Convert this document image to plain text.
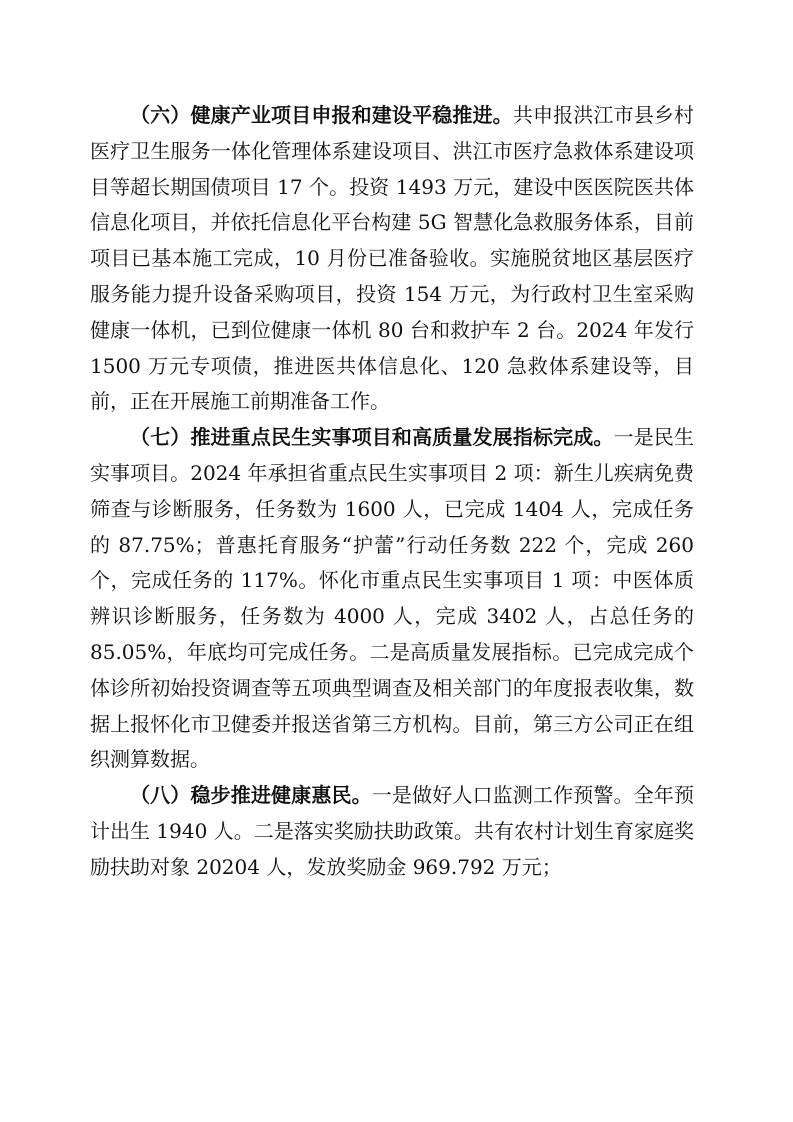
（六）健康产业项目申报和建设平稳推进。共申报洪江市县乡村医疗卫生服务一体化管理体系建设项目、洪江市医疗急救体系建设项目等超长期国债项目 17 个。投资 1493 万元，建设中医医院医共体信息化项目，并依托信息化平台构建 5G 智慧化急救服务体系，目前项目已基本施工完成，10 月份已准备验收。实施脱贫地区基层医疗服务能力提升设备采购项目，投资 154 万元，为行政村卫生室采购健康一体机，已到位健康一体机 80 台和救护车 2 台。2024 年发行 1500 万元专项债，推进医共体信息化、120 急救体系建设等，目前，正在开展施工前期准备工作。

（七）推进重点民生实事项目和高质量发展指标完成。一是民生实事项目。2024 年承担省重点民生实事项目 2 项：新生儿疾病免费筛查与诊断服务，任务数为 1600 人，已完成 1404 人，完成任务的 87.75%；普惠托育服务“护蕾”行动任务数 222 个，完成 260 个，完成任务的 117%。怀化市重点民生实事项目 1 项：中医体质辨识诊断服务，任务数为 4000 人，完成 3402 人，占总任务的 85.05%，年底均可完成任务。二是高质量发展指标。已完成完成个体诊所初始投资调查等五项典型调查及相关部门的年度报表收集，数据上报怀化市卫健委并报送省第三方机构。目前，第三方公司正在组织测算数据。

（八）稳步推进健康惠民。一是做好人口监测工作预警。全年预计出生 1940 人。二是落实奖励扶助政策。共有农村计划生育家庭奖励扶助对象 20204 人，发放奖励金 969.792 万元；
